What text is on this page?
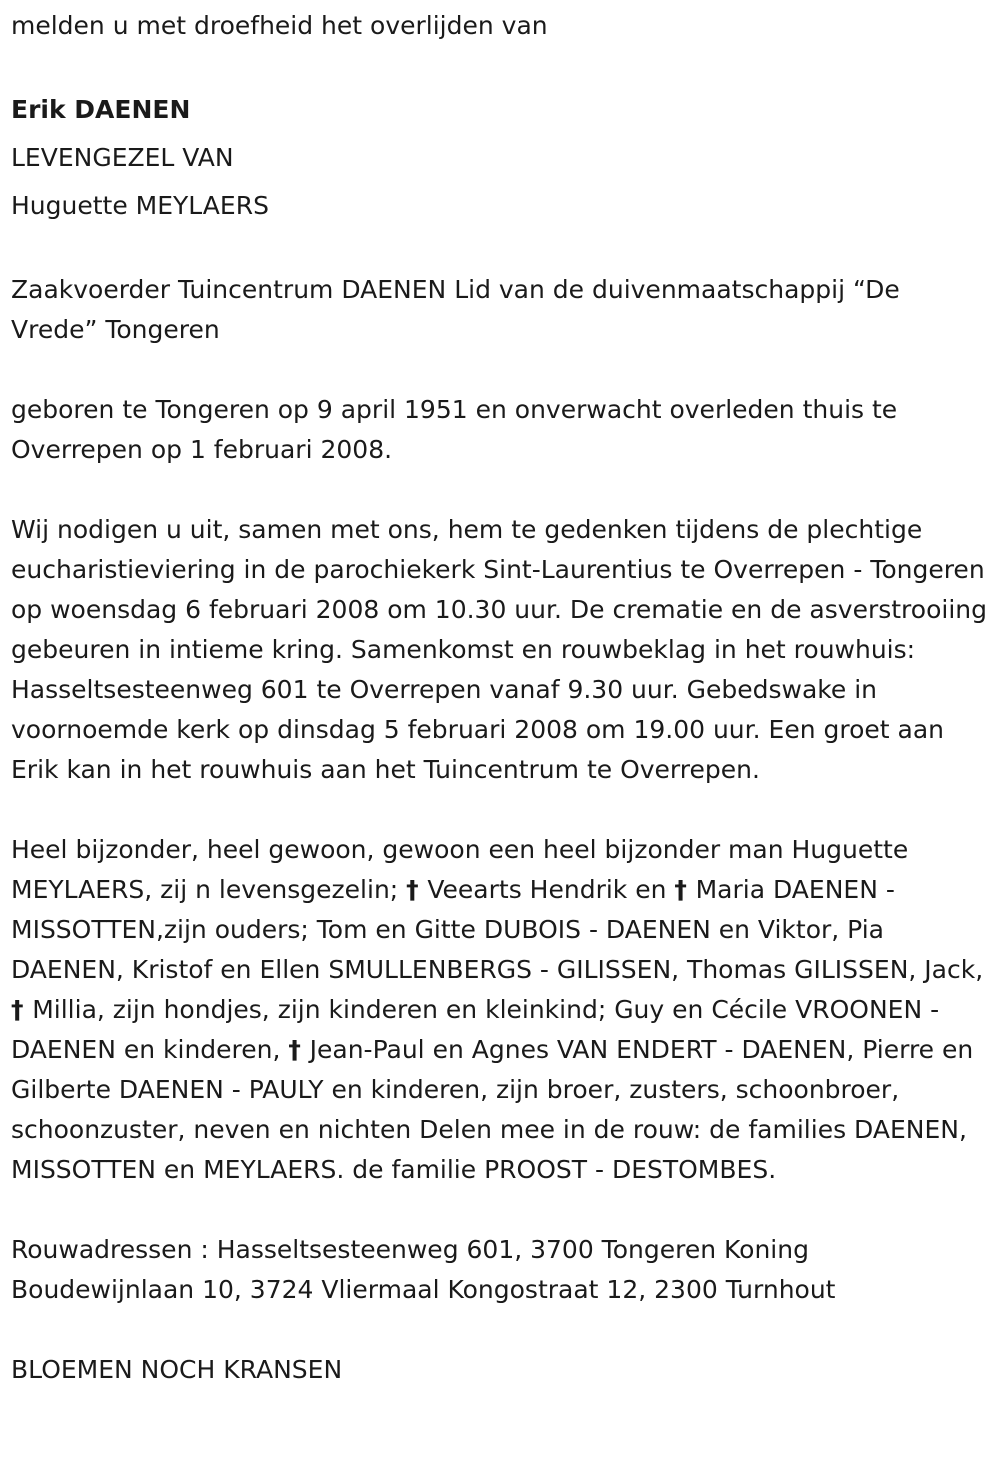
melden u met droefheid het overlijden van

Erik DAENEN

LEVENGEZEL VAN

Huguette MEYLAERS

Zaakvoerder Tuincentrum DAENEN Lid van de duivenmaatschappij “De Vrede” Tongeren

geboren te Tongeren op 9 april 1951 en onverwacht overleden thuis te Overrepen op 1 februari 2008.

Wij nodigen u uit, samen met ons, hem te gedenken tijdens de plechtige eucharistieviering in de parochiekerk Sint-Laurentius te Overrepen - Tongeren op woensdag 6 februari 2008 om 10.30 uur. De crematie en de asverstrooiing gebeuren in intieme kring. Samenkomst en rouwbeklag in het rouwhuis: Hasseltsesteenweg 601 te Overrepen vanaf 9.30 uur. Gebedswake in voornoemde kerk op dinsdag 5 februari 2008 om 19.00 uur. Een groet aan Erik kan in het rouwhuis aan het Tuincentrum te Overrepen.

Heel bijzonder, heel gewoon, gewoon een heel bijzonder man Huguette MEYLAERS, zij n levensgezelin; † Veearts Hendrik en † Maria DAENEN - MISSOTTEN,zijn ouders; Tom en Gitte DUBOIS - DAENEN en Viktor, Pia DAENEN, Kristof en Ellen SMULLENBERGS - GILISSEN, Thomas GILISSEN, Jack, † Millia, zijn hondjes, zijn kinderen en kleinkind; Guy en Cécile VROONEN - DAENEN en kinderen, † Jean-Paul en Agnes VAN ENDERT - DAENEN, Pierre en Gilberte DAENEN - PAULY en kinderen, zijn broer, zusters, schoonbroer, schoonzuster, neven en nichten Delen mee in de rouw: de families DAENEN, MISSOTTEN en MEYLAERS. de familie PROOST - DESTOMBES.

Rouwadressen : Hasseltsesteenweg 601, 3700 Tongeren Koning Boudewijnlaan 10, 3724 Vliermaal Kongostraat 12, 2300 Turnhout

BLOEMEN NOCH KRANSEN
